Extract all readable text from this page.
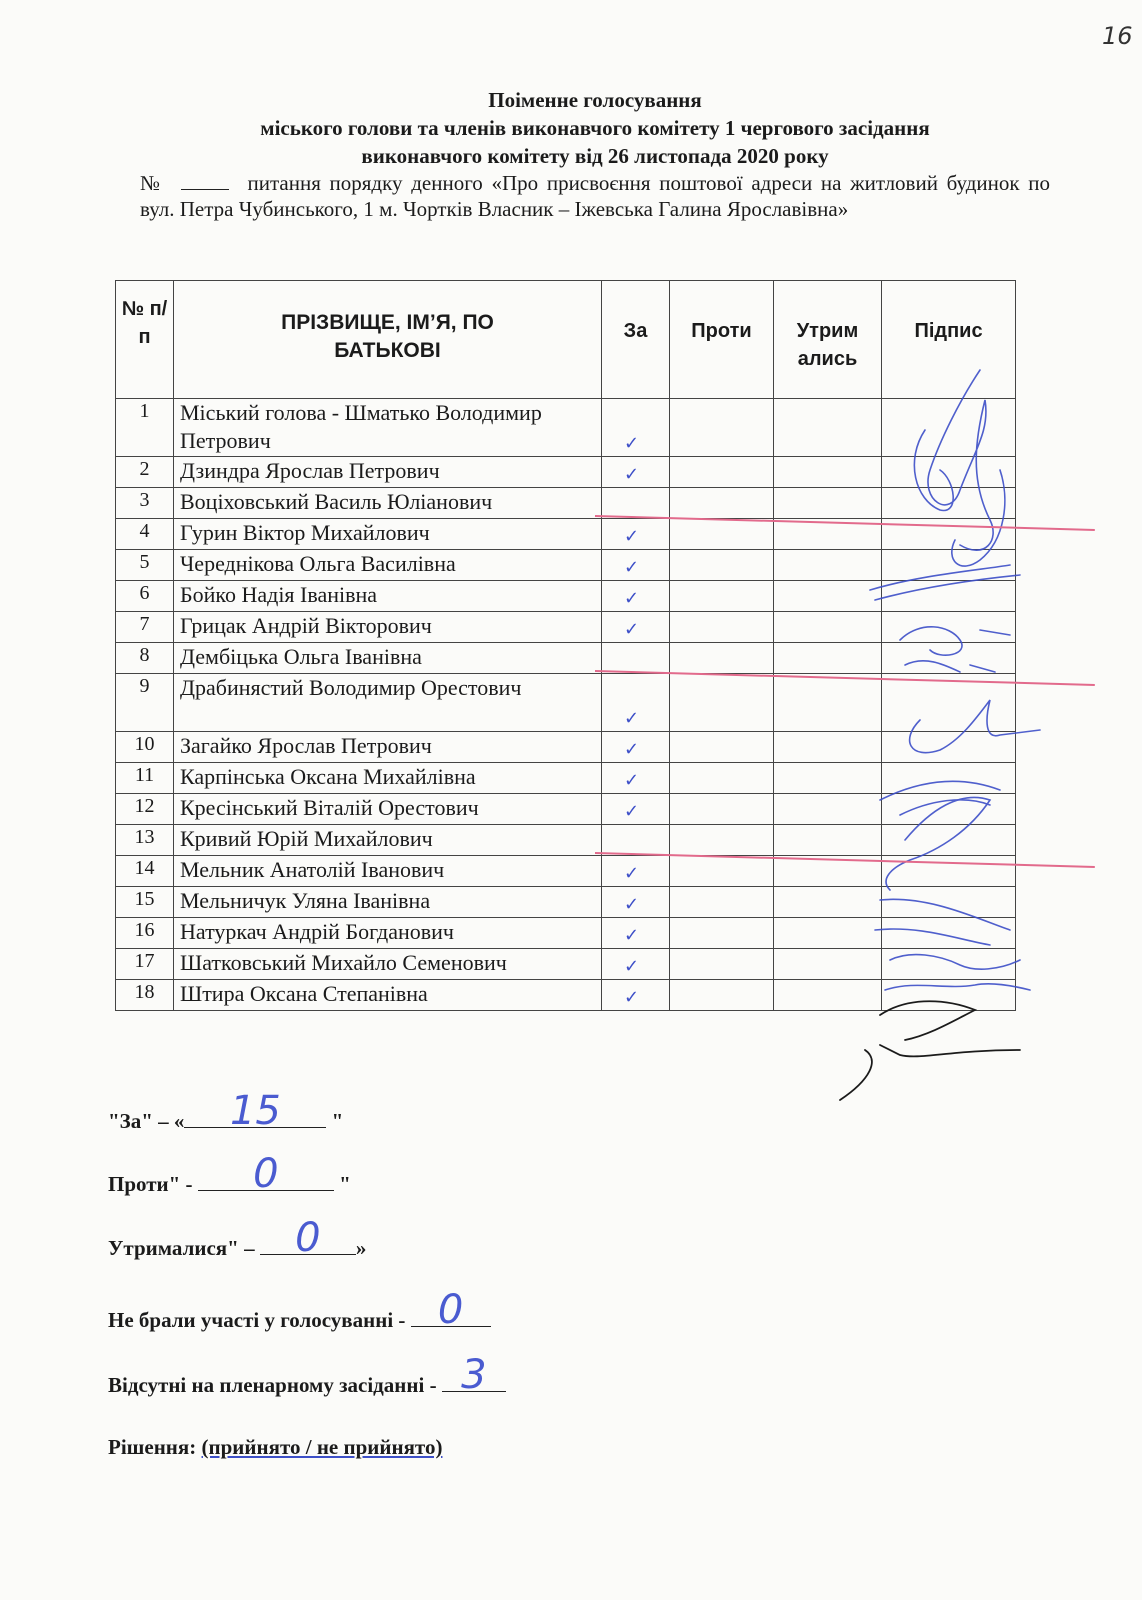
16
Поіменне голосування
міського голови та членів виконавчого комітету 1 чергового засідання
виконавчого комітету від 26 листопада 2020 року
№	питання порядку денного «Про присвоєння поштової адреси на житловий будинок по вул. Петра Чубинського, 1 м. Чортків Власник – Іжевська Галина Ярославівна»
№ п/п	ПРІЗВИЩЕ, ІМ’Я, ПО БАТЬКОВІ	За	Проти	Утрим ались	Підпис
1	Міський голова - Шматько Володимир Петрович	✓			

2	Дзиндра Ярослав Петрович	✓			

3	Воціховський Василь Юліанович				
4	Гурин Віктор Михайлович	✓			

5	Череднікова Ольга Василівна	✓			

6	Бойко Надія Іванівна	✓			

7	Грицак Андрій Вікторович	✓			

8	Дембіцька Ольга Іванівна				
9	Драбинястий Володимир Орестович	✓			

10	Загайко Ярослав Петрович	✓			

11	Карпінська Оксана Михайлівна	✓			

12	Кресінський Віталій Орестович	✓			

13	Кривий Юрій Михайлович				
14	Мельник Анатолій Іванович	✓			

15	Мельничук Уляна Іванівна	✓			

16	Натуркач Андрій Богданович	✓			

17	Шатковський Михайло Семенович	✓			

18	Штира Оксана Степанівна	✓			

"За" – «	15	"
Проти" -	0	"
Утрималися" – 0	»
Не брали участі у голосуванні - 0
Відсутні на пленарному засіданні - 3
Рішення: (прийнято / не прийнято)
